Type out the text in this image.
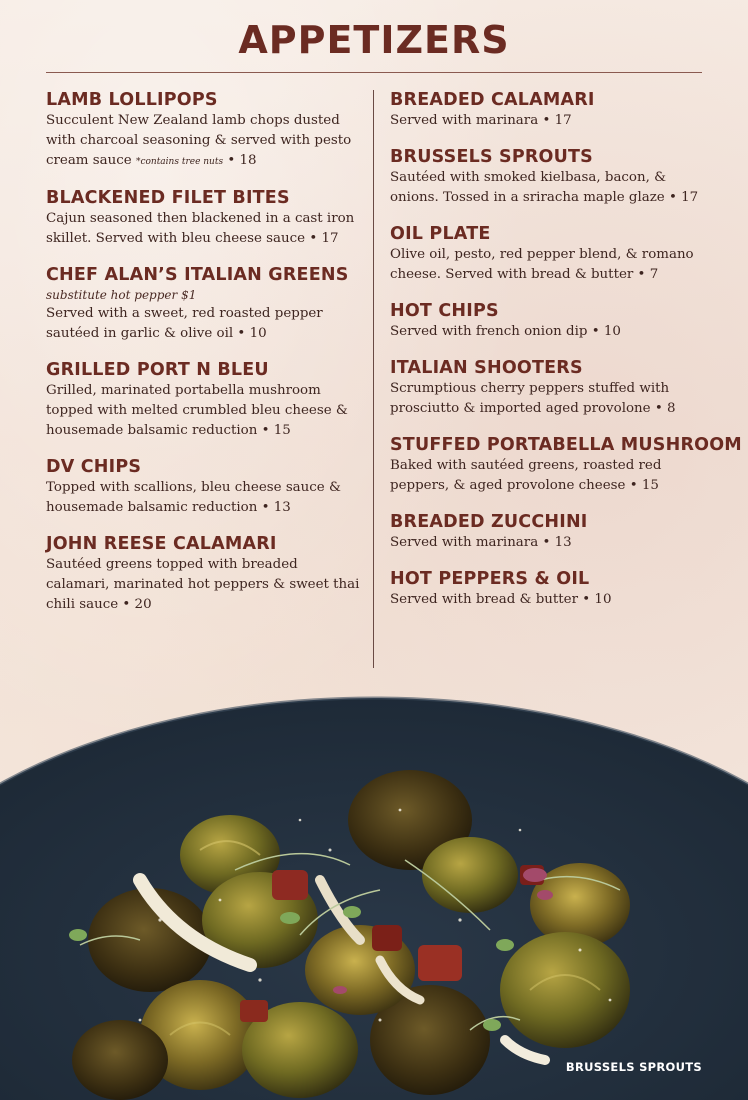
APPETIZERS
LAMB LOLLIPOPS
Succulent New Zealand lamb chops dusted with charcoal seasoning & served with pesto cream sauce *contains tree nuts • 18
BLACKENED FILET BITES
Cajun seasoned then blackened in a cast iron skillet. Served with bleu cheese sauce • 17
CHEF ALAN’S ITALIAN GREENS
substitute hot pepper $1
Served with a sweet, red roasted pepper sautéed in garlic & olive oil • 10
GRILLED PORT N BLEU
Grilled, marinated portabella mushroom topped with melted crumbled bleu cheese & housemade balsamic reduction • 15
DV CHIPS
Topped with scallions, bleu cheese sauce & housemade balsamic reduction • 13
JOHN REESE CALAMARI
Sautéed greens topped with breaded calamari, marinated hot peppers & sweet thai chili sauce • 20
BREADED CALAMARI
Served with marinara • 17
BRUSSELS SPROUTS
Sautéed with smoked kielbasa, bacon, & onions. Tossed in a sriracha maple glaze • 17
OIL PLATE
Olive oil, pesto, red pepper blend, & romano cheese. Served with bread & butter • 7
HOT CHIPS
Served with french onion dip • 10
ITALIAN SHOOTERS
Scrumptious cherry peppers stuffed with prosciutto & imported aged provolone • 8
STUFFED PORTABELLA MUSHROOM
Baked with sautéed greens, roasted red peppers, & aged provolone cheese • 15
BREADED ZUCCHINI
Served with marinara • 13
HOT PEPPERS & OIL
Served with bread & butter • 10
BRUSSELS SPROUTS
